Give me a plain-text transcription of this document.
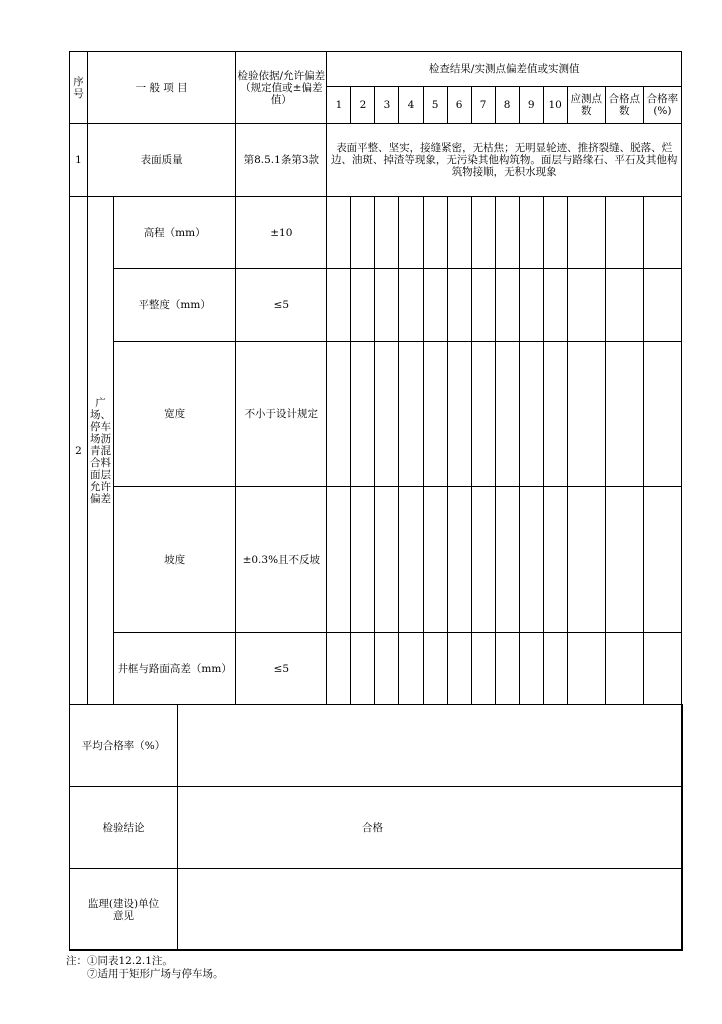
序号	一 般 项 目		检验依据/允许偏差（规定值或±偏差值）	检查结果/实测点偏差值或实测值												
				1	2	3	4	5	6	7	8	9	10	应测点数	合格点数	合格率(%)
1	表面质量		第8.5.1条第3款	表面平整、坚实，接缝紧密，无枯焦；无明显轮迹、推挤裂缝、脱落、烂边、油斑、掉渣等现象，无污染其他构筑物。面层与路缘石、平石及其他构筑物接顺，无积水现象												
2	广场、停车场沥青混合料面层允许偏差	高程（mm）	±10													
		平整度（mm）	≤5													
		宽度	不小于设计规定													
		坡度	±0.3%且不反坡													
		井框与路面高差（mm）	≤5													
平均合格率（%）	
检验结论	合格
监理(建设)单位意见	
注：①同表12.2.1注。
⑦适用于矩形广场与停车场。
